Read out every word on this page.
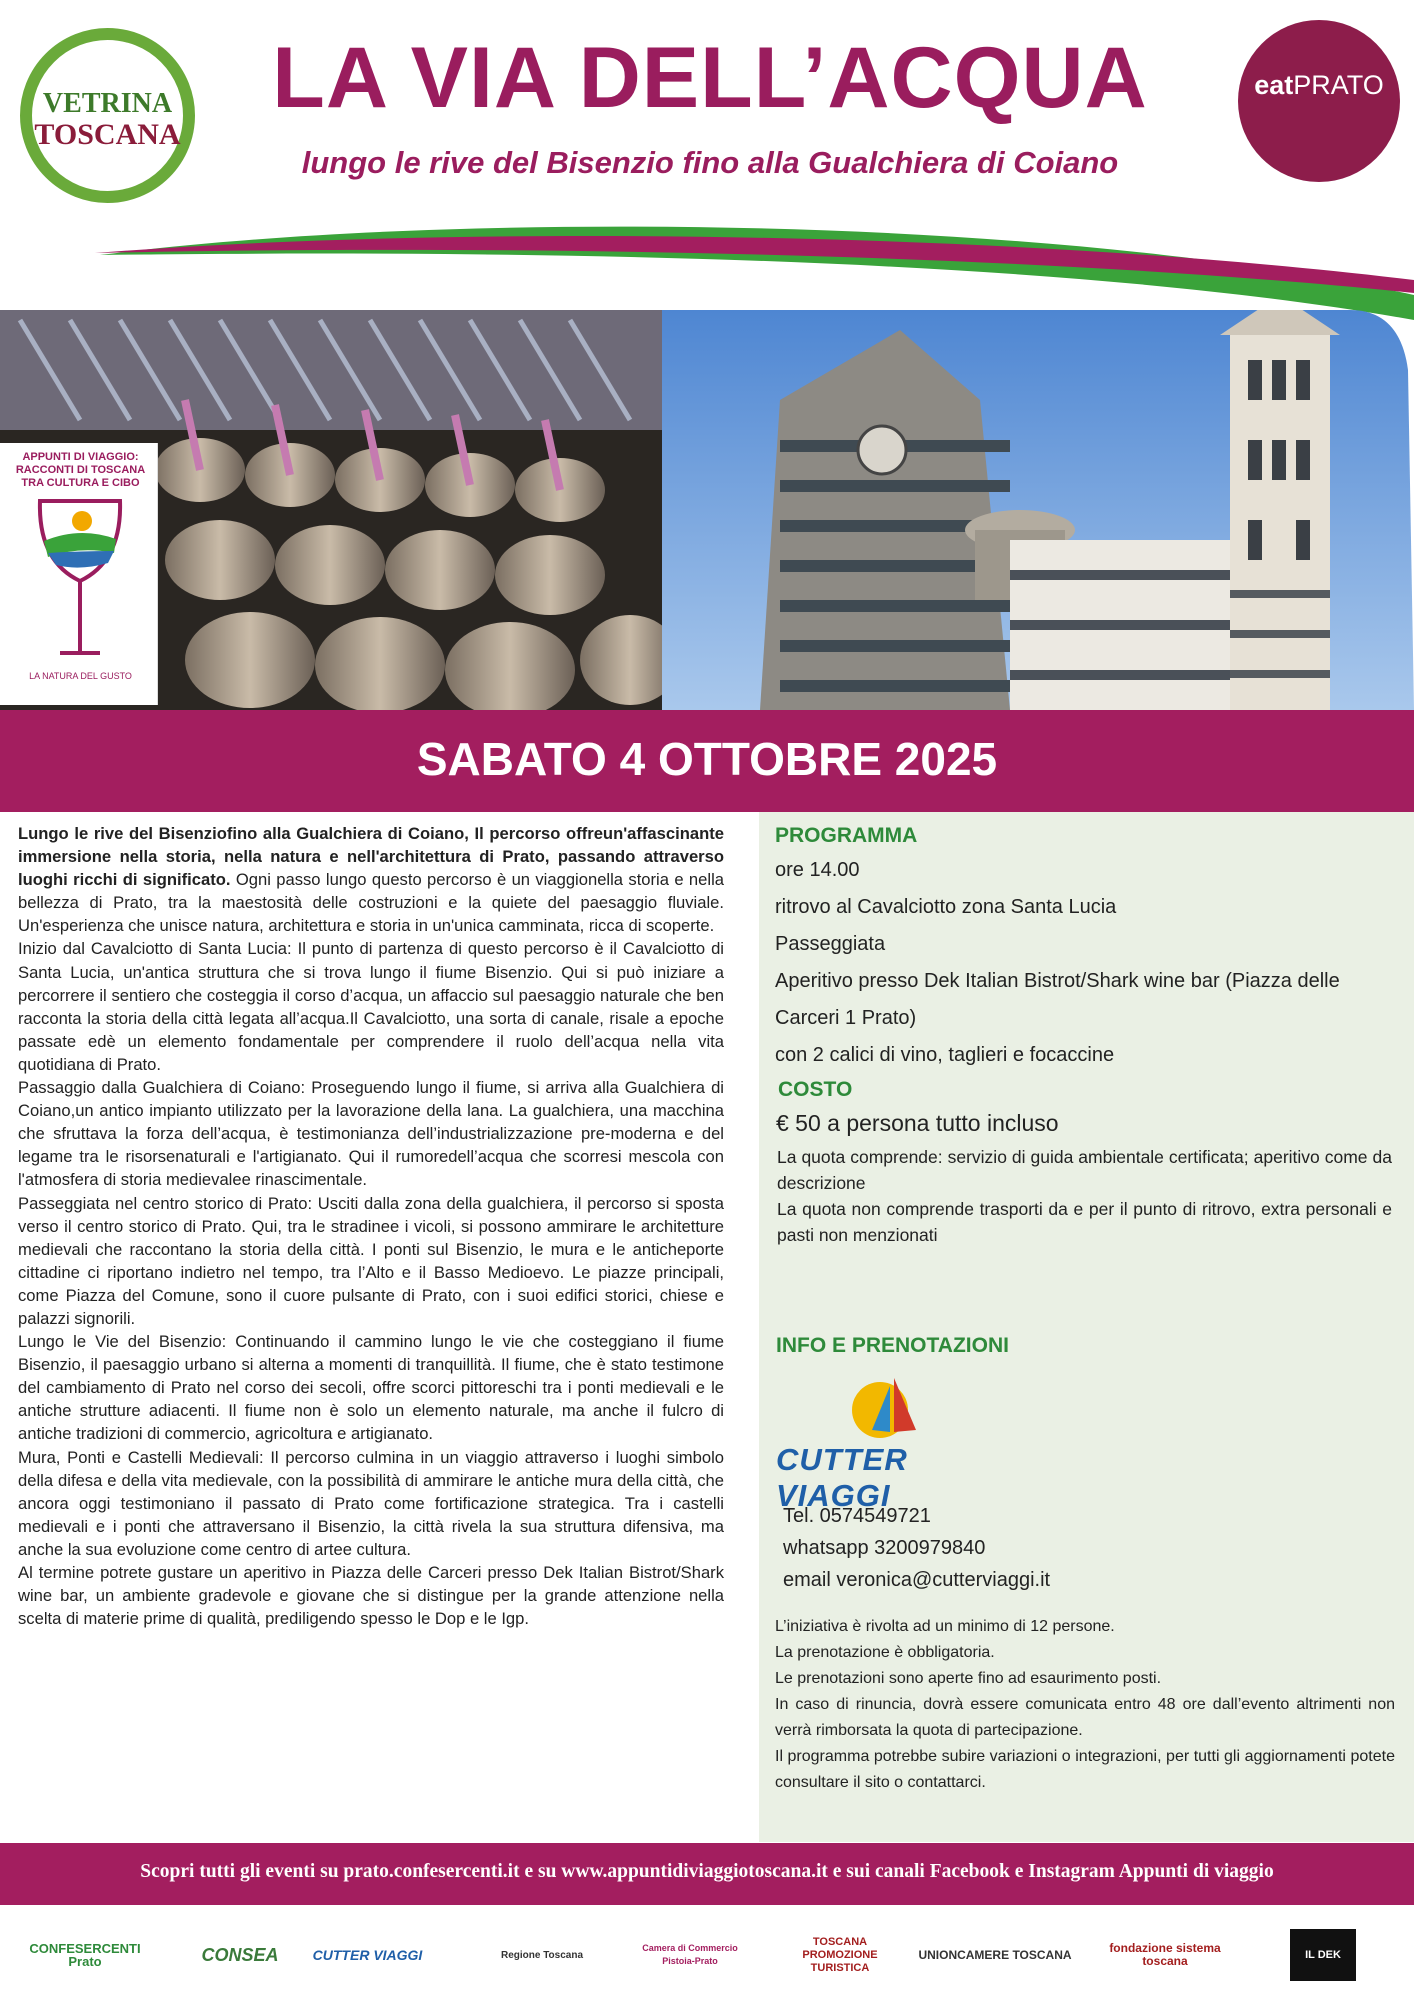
VETRINA
TOSCANA
LA VIA DELL’ACQUA
lungo le rive del Bisenzio fino alla Gualchiera di Coiano
eatPRATO
APPUNTI DI VIAGGIO: RACCONTI DI TOSCANA TRA CULTURA E CIBO
LA NATURA DEL GUSTO
SABATO 4 OTTOBRE 2025

Lungo le rive del Bisenziofino alla Gualchiera di Coiano, Il percorso offreun'affascinante immersione nella storia, nella natura e nell'architettura di Prato, passando attraverso luoghi ricchi di significato. Ogni passo lungo questo percorso è un viaggionella storia e nella bellezza di Prato, tra la maestosità delle costruzioni e la quiete del paesaggio fluviale. Un'esperienza che unisce natura, architettura e storia in un'unica camminata, ricca di scoperte.

Inizio dal Cavalciotto di Santa Lucia: Il punto di partenza di questo percorso è il Cavalciotto di Santa Lucia, un'antica struttura che si trova lungo il fiume Bisenzio. Qui si può iniziare a percorrere il sentiero che costeggia il corso d’acqua, un affaccio sul paesaggio naturale che ben racconta la storia della città legata all’acqua.Il Cavalciotto, una sorta di canale, risale a epoche passate edè un elemento fondamentale per comprendere il ruolo dell’acqua nella vita quotidiana di Prato.

Passaggio dalla Gualchiera di Coiano: Proseguendo lungo il fiume, si arriva alla Gualchiera di Coiano,un antico impianto utilizzato per la lavorazione della lana. La gualchiera, una macchina che sfruttava la forza dell’acqua, è testimonianza dell’industrializzazione pre-moderna e del legame tra le risorsenaturali e l'artigianato. Qui il rumoredell’acqua che scorresi mescola con l'atmosfera di storia medievalee rinascimentale.

Passeggiata nel centro storico di Prato: Usciti dalla zona della gualchiera, il percorso si sposta verso il centro storico di Prato. Qui, tra le stradinee i vicoli, si possono ammirare le architetture medievali che raccontano la storia della città. I ponti sul Bisenzio, le mura e le anticheporte cittadine ci riportano indietro nel tempo, tra l’Alto e il Basso Medioevo. Le piazze principali, come Piazza del Comune, sono il cuore pulsante di Prato, con i suoi edifici storici, chiese e palazzi signorili.

Lungo le Vie del Bisenzio: Continuando il cammino lungo le vie che costeggiano il fiume Bisenzio, il paesaggio urbano si alterna a momenti di tranquillità. Il fiume, che è stato testimone del cambiamento di Prato nel corso dei secoli, offre scorci pittoreschi tra i ponti medievali e le antiche strutture adiacenti. Il fiume non è solo un elemento naturale, ma anche il fulcro di antiche tradizioni di commercio, agricoltura e artigianato.

Mura, Ponti e Castelli Medievali: Il percorso culmina in un viaggio attraverso i luoghi simbolo della difesa e della vita medievale, con la possibilità di ammirare le antiche mura della città, che ancora oggi testimoniano il passato di Prato come fortificazione strategica. Tra i castelli medievali e i ponti che attraversano il Bisenzio, la città rivela la sua struttura difensiva, ma anche la sua evoluzione come centro di artee cultura.

Al termine potrete gustare un aperitivo in Piazza delle Carceri presso Dek Italian Bistrot/Shark wine bar, un ambiente gradevole e giovane che si distingue per la grande attenzione nella scelta di materie prime di qualità, prediligendo spesso le Dop e le Igp.

PROGRAMMA
ore 14.00
ritrovo al Cavalciotto zona Santa Lucia
Passeggiata
Aperitivo presso Dek Italian Bistrot/Shark wine bar (Piazza delle Carceri 1 Prato)
con 2 calici di vino, taglieri e focaccine
COSTO
€ 50 a persona tutto incluso
La quota comprende: servizio di guida ambientale certificata; aperitivo come da descrizione
La quota non comprende trasporti da e per il punto di ritrovo, extra personali e pasti non menzionati
INFO E PRENOTAZIONI
CUTTER VIAGGI
Tel. 0574549721
whatsapp 3200979840
email veronica@cutterviaggi.it
L’iniziativa è rivolta ad un minimo di 12 persone.
La prenotazione è obbligatoria.
Le prenotazioni sono aperte fino ad esaurimento posti.
In caso di rinuncia, dovrà essere comunicata entro 48 ore dall’evento altrimenti non verrà rimborsata la quota di partecipazione.
Il programma potrebbe subire variazioni o integrazioni, per tutti gli aggiornamenti potete consultare il sito o contattarci.
Scopri tutti gli eventi su prato.confesercenti.it e su www.appuntidiviaggiotoscana.it e sui canali Facebook e Instagram Appunti di viaggio
CONFESERCENTI Prato	CONSEA	CUTTER VIAGGI	Regione Toscana
Camera di Commercio Pistoia-Prato
TOSCANA PROMOZIONE TURISTICA
UNIONCAMERE TOSCANA	fondazione sistema toscana	IL DEK
